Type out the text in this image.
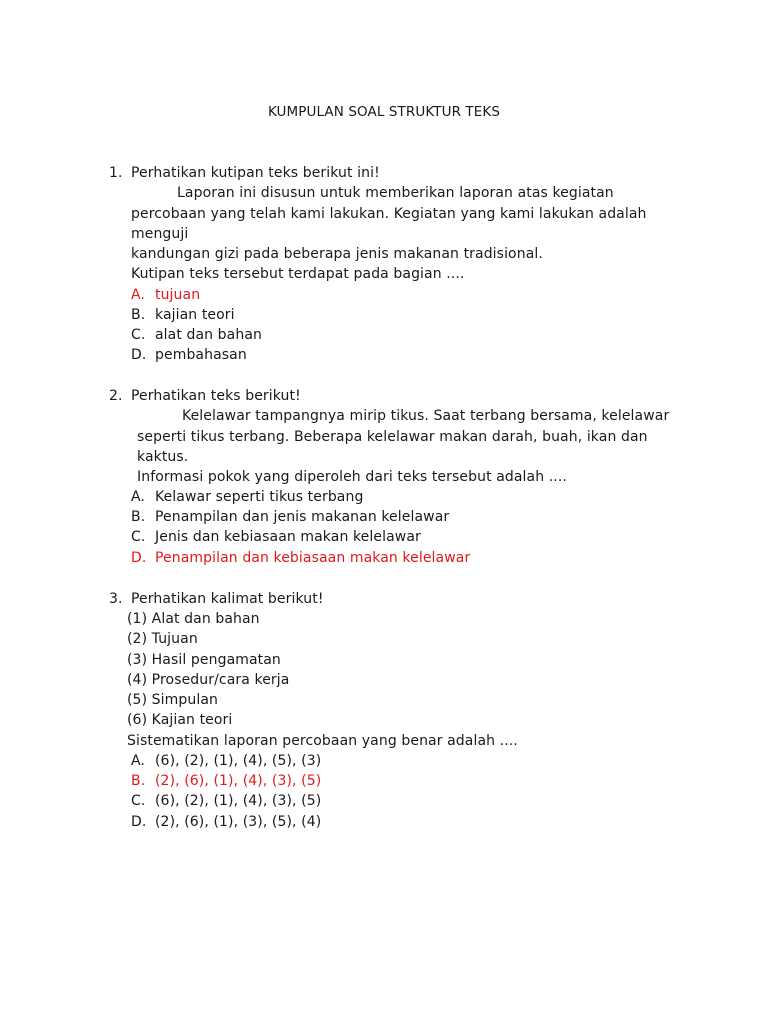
KUMPULAN SOAL STRUKTUR TEKS
1. Perhatikan kutipan teks berikut ini!
Laporan ini disusun untuk memberikan laporan atas kegiatan
percobaan yang telah kami lakukan. Kegiatan yang kami lakukan adalah
menguji
kandungan gizi pada beberapa jenis makanan tradisional.
Kutipan teks tersebut terdapat pada bagian ....
A. tujuan
B. kajian teori
C. alat dan bahan
D. pembahasan
2. Perhatikan teks berikut!
Kelelawar tampangnya mirip tikus. Saat terbang bersama, kelelawar
seperti tikus terbang. Beberapa kelelawar makan darah, buah, ikan dan
kaktus.
Informasi pokok yang diperoleh dari teks tersebut adalah ....
A. Kelawar seperti tikus terbang
B. Penampilan dan jenis makanan kelelawar
C. Jenis dan kebiasaan makan kelelawar
D. Penampilan dan kebiasaan makan kelelawar
3. Perhatikan kalimat berikut!
(1) Alat dan bahan
(2) Tujuan
(3) Hasil pengamatan
(4) Prosedur/cara kerja
(5) Simpulan
(6) Kajian teori
Sistematikan laporan percobaan yang benar adalah ....
A. (6), (2), (1), (4), (5), (3)
B. (2), (6), (1), (4), (3), (5)
C. (6), (2), (1), (4), (3), (5)
D. (2), (6), (1), (3), (5), (4)
